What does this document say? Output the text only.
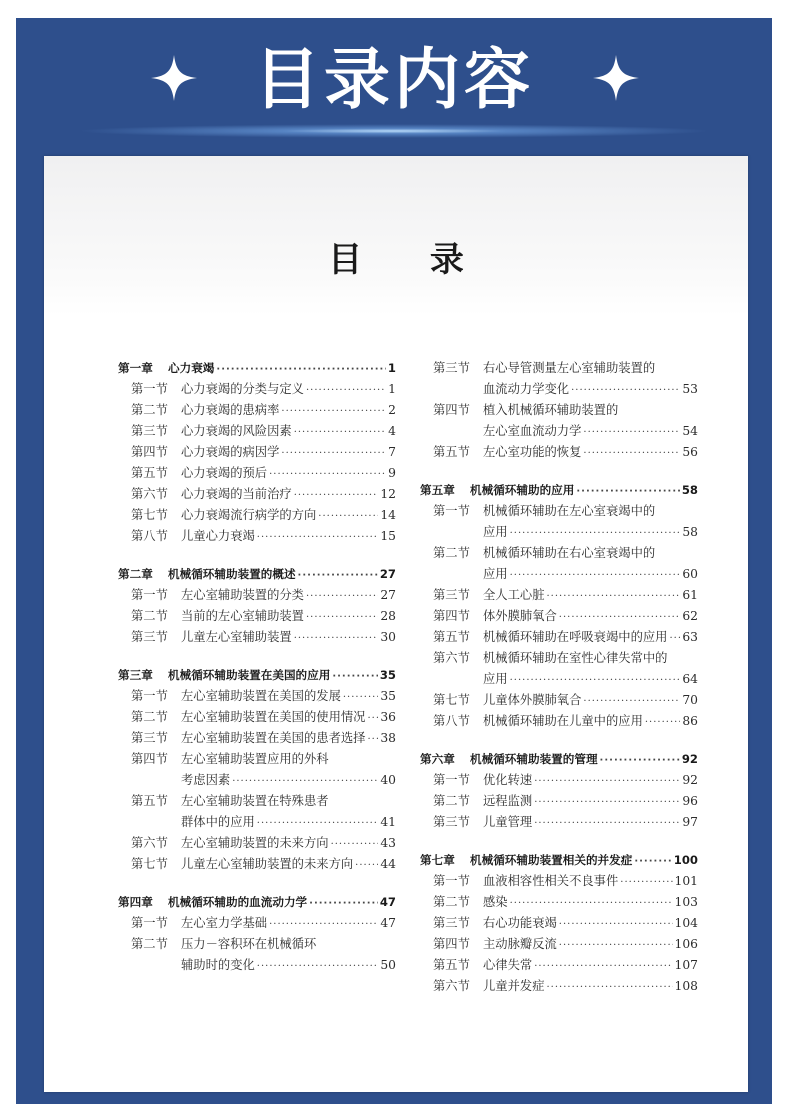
目录内容
目 录
第一章	心力衰竭 ·····	1
第一节	心力衰竭的分类与定义 ·····	1
第二节	心力衰竭的患病率 ·····	2
第三节	心力衰竭的风险因素 ·····	4
第四节	心力衰竭的病因学 ·····	7
第五节	心力衰竭的预后 ·····	9
第六节	心力衰竭的当前治疗 ·····	12
第七节	心力衰竭流行病学的方向 ·····	14
第八节	儿童心力衰竭 ·····	15
第二章	机械循环辅助装置的概述 ·····	27
第一节	左心室辅助装置的分类 ·····	27
第二节	当前的左心室辅助装置 ·····	28
第三节	儿童左心室辅助装置 ·····	30
第三章	机械循环辅助装置在美国的应用 ·····	35
第一节	左心室辅助装置在美国的发展 ·····	35
第二节	左心室辅助装置在美国的使用情况 ····· 36
第三节	左心室辅助装置在美国的患者选择 ····· 38
第四节	左心室辅助装置应用的外科
考虑因素 ·····	40
第五节	左心室辅助装置在特殊患者
群体中的应用 ·····	41
第六节	左心室辅助装置的未来方向 ·····	43
第七节	儿童左心室辅助装置的未来方向 ····· 44
第四章	机械循环辅助的血流动力学 ·····	47
第一节	左心室力学基础 ·····	47
第二节	压力－容积环在机械循环
辅助时的变化 ·····	50
第三节	右心导管测量左心室辅助装置的
血流动力学变化 ·····	53
第四节	植入机械循环辅助装置的
左心室血流动力学 ·····	54
第五节	左心室功能的恢复 ·····	56
第五章	机械循环辅助的应用 ·····	58
第一节	机械循环辅助在左心室衰竭中的
应用 ·····	58
第二节	机械循环辅助在右心室衰竭中的
应用 ·····	60
第三节	全人工心脏 ·····	61
第四节	体外膜肺氧合 ·····	62
第五节	机械循环辅助在呼吸衰竭中的应用 ····· 63
第六节	机械循环辅助在室性心律失常中的
应用 ·····	64
第七节	儿童体外膜肺氧合 ·····	70
第八节	机械循环辅助在儿童中的应用 ·····	86
第六章	机械循环辅助装置的管理 ·····	92
第一节	优化转速 ·····	92
第二节	远程监测 ·····	96
第三节	儿童管理 ·····	97
第七章	机械循环辅助装置相关的并发症 ·····	100
第一节	血液相容性相关不良事件 ·····	101
第二节	感染 ·····	103
第三节	右心功能衰竭 ·····	104
第四节	主动脉瓣反流 ·····	106
第五节	心律失常 ·····	107
第六节	儿童并发症 ·····	108
